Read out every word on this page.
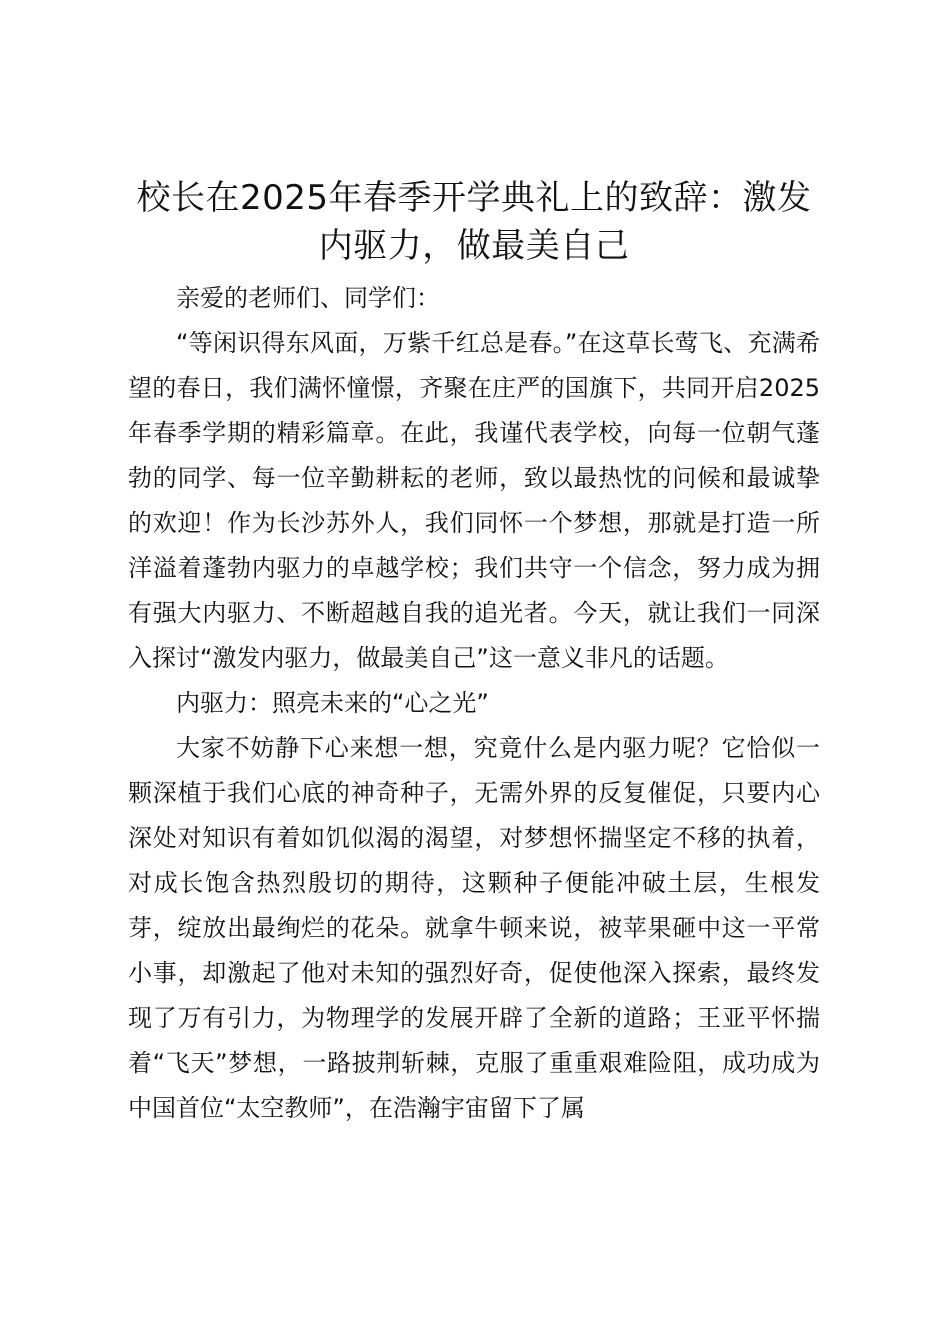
校长在2025年春季开学典礼上的致辞：激发内驱力，做最美自己

亲爱的老师们、同学们：

“等闲识得东风面，万紫千红总是春。”在这草长莺飞、充满希望的春日，我们满怀憧憬，齐聚在庄严的国旗下，共同开启2025年春季学期的精彩篇章。在此，我谨代表学校，向每一位朝气蓬勃的同学、每一位辛勤耕耘的老师，致以最热忱的问候和最诚挚的欢迎！作为长沙苏外人，我们同怀一个梦想，那就是打造一所洋溢着蓬勃内驱力的卓越学校；我们共守一个信念，努力成为拥有强大内驱力、不断超越自我的追光者。今天，就让我们一同深入探讨“激发内驱力，做最美自己”这一意义非凡的话题。

内驱力：照亮未来的“心之光”

大家不妨静下心来想一想，究竟什么是内驱力呢？它恰似一颗深植于我们心底的神奇种子，无需外界的反复催促，只要内心深处对知识有着如饥似渴的渴望，对梦想怀揣坚定不移的执着，对成长饱含热烈殷切的期待，这颗种子便能冲破土层，生根发芽，绽放出最绚烂的花朵。就拿牛顿来说，被苹果砸中这一平常小事，却激起了他对未知的强烈好奇，促使他深入探索，最终发现了万有引力，为物理学的发展开辟了全新的道路；王亚平怀揣着“飞天”梦想，一路披荆斩棘，克服了重重艰难险阻，成功成为中国首位“太空教师”，在浩瀚宇宙留下了属
